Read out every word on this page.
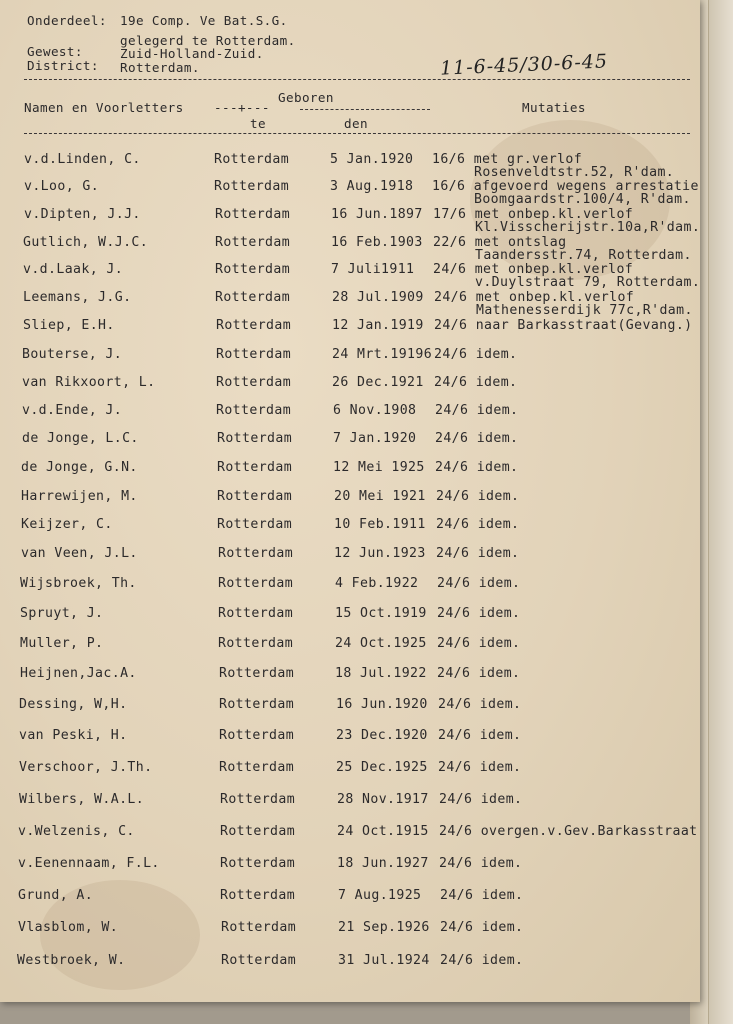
Onderdeel: 19e Comp. Ve Bat.S.G.
gelegerd te Rotterdam.
Gewest:	Zuid-Holland-Zuid.
District: Rotterdam.	11-6-45/30-6-45
Namen en Voorletters
Geboren
---+---
te	den
Mutaties
v.d.Linden, C.	Rotterdam	5 Jan.1920 16/6 met gr.verlof
Rosenveldtstr.52, R'dam.
v.Loo, G.	Rotterdam	3 Aug.1918 16/6 afgevoerd wegens arrestatie
Boomgaardstr.100/4, R'dam.
v.Dipten, J.J.	Rotterdam	16 Jun.1897 17/6 met onbep.kl.verlof
Kl.Visscherijstr.10a,R'dam.
Gutlich, W.J.C.	Rotterdam	16 Feb.1903 22/6 met ontslag
Taandersstr.74, Rotterdam.
v.d.Laak, J.	Rotterdam	7 Juli1911 24/6 met onbep.kl.verlof
v.Duylstraat 79, Rotterdam.
Leemans, J.G.	Rotterdam	28 Jul.1909 24/6 met onbep.kl.verlof
Mathenesserdijk 77c,R'dam.
Sliep, E.H.	Rotterdam	12 Jan.1919 24/6 naar Barkasstraat(Gevang.)
Bouterse, J.	Rotterdam	24 Mrt.19196 24/6 idem.
van Rikxoort, L.	Rotterdam	26 Dec.1921 24/6 idem.
v.d.Ende, J.	Rotterdam	6 Nov.1908 24/6 idem.
de Jonge, L.C.	Rotterdam	7 Jan.1920 24/6 idem.
de Jonge, G.N.	Rotterdam	12 Mei 1925 24/6 idem.
Harrewijen, M.	Rotterdam	20 Mei 1921 24/6 idem.
Keijzer, C.	Rotterdam	10 Feb.1911 24/6 idem.
van Veen, J.L.	Rotterdam	12 Jun.1923 24/6 idem.
Wijsbroek, Th.	Rotterdam	4 Feb.1922 24/6 idem.
Spruyt, J.	Rotterdam	15 Oct.1919 24/6 idem.
Muller, P.	Rotterdam	24 Oct.1925 24/6 idem.
Heijnen,Jac.A.	Rotterdam	18 Jul.1922 24/6 idem.
Dessing, W,H.	Rotterdam	16 Jun.1920 24/6 idem.
van Peski, H.	Rotterdam	23 Dec.1920 24/6 idem.
Verschoor, J.Th.	Rotterdam	25 Dec.1925 24/6 idem.
Wilbers, W.A.L.	Rotterdam	28 Nov.1917 24/6 idem.
v.Welzenis, C.	Rotterdam	24 Oct.1915 24/6 overgen.v.Gev.Barkasstraat
v.Eenennaam, F.L.	Rotterdam	18 Jun.1927 24/6 idem.
Grund, A.	Rotterdam	7 Aug.1925 24/6 idem.
Vlasblom, W.	Rotterdam	21 Sep.1926 24/6 idem.
Westbroek, W.	Rotterdam	31 Jul.1924 24/6 idem.
